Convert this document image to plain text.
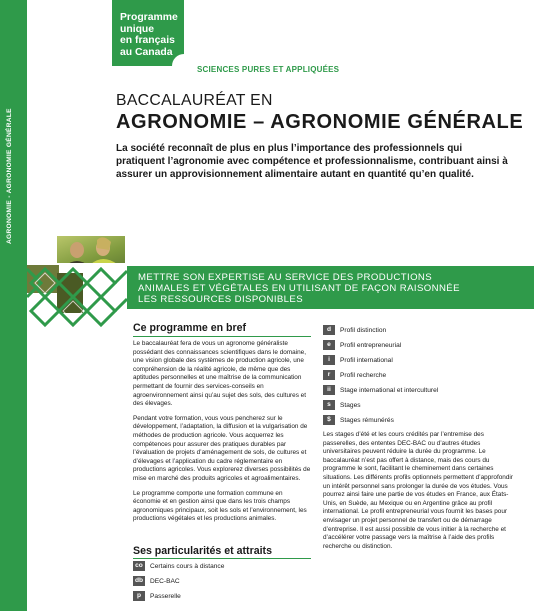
AGRONOMIE - AGRONOMIE GÉNÉRALE
Programme
unique
en français
au Canada
SCIENCES PURES ET APPLIQUÉES
BACCALAURÉAT EN
AGRONOMIE – AGRONOMIE GÉNÉRALE
La société reconnaît de plus en plus l’importance des professionnels qui pratiquent l’agronomie avec compétence et professionnalisme, contribuant ainsi à assurer un approvisionnement alimentaire autant en quantité qu’en qualité.
METTRE SON EXPERTISE AU SERVICE DES PRODUCTIONS
ANIMALES ET VÉGÉTALES EN UTILISANT DE FAÇON RAISONNÉE
LES RESSOURCES DISPONIBLES
Ce programme en bref

Le baccalauréat fera de vous un agronome généraliste possédant des connaissances scientifiques dans le domaine, une vision globale des systèmes de production agricole, une compréhension de la réalité agricole, de même que des aptitudes personnelles et une maîtrise de la communication permettant de fournir des services-conseils en agroenvironnement ainsi qu’au sujet des sols, des cultures et des élevages.

Pendant votre formation, vous vous pencherez sur le développement, l’adaptation, la diffusion et la vulgarisation de méthodes de production agricole. Vous acquerrez les compétences pour assurer des pratiques durables par l’évaluation de projets d’aménagement de sols, de cultures et d’élevages et l’application du cadre réglementaire en productions agricoles. Vous explorerez diverses possibilités de mise en marché des produits agricoles et agroalimentaires.

Le programme comporte une formation commune en économie et en gestion ainsi que dans les trois champs agronomiques principaux, soit les sols et l’environnement, les productions végétales et les productions animales.

Ses particularités et attraits
co	Certains cours à distance
db DEC-BAC
p	Passerelle
d	Profil distinction
e	Profil entrepreneurial
i	Profil international
r	Profil recherche
ii	Stage international et interculturel
s	Stages
$	Stages rémunérés

Les stages d’été et les cours crédités par l’entremise des passerelles, des ententes DEC-BAC ou d’autres études universitaires peuvent réduire la durée du programme. Le baccalauréat n’est pas offert à distance, mais des cours du programme le sont, facilitant le cheminement dans certaines situations. Les différents profils optionnels permettent d’approfondir un intérêt personnel sans prolonger la durée de vos études. Vous pourrez ainsi faire une partie de vos études en France, aux États-Unis, en Suède, au Mexique ou en Argentine grâce au profil international. Le profil entrepreneurial vous fournit les bases pour envisager un projet personnel de transfert ou de démarrage d’entreprise. Il est aussi possible de vous initier à la recherche et d’accélérer votre passage vers la maîtrise à l’aide des profils recherche ou distinction.
